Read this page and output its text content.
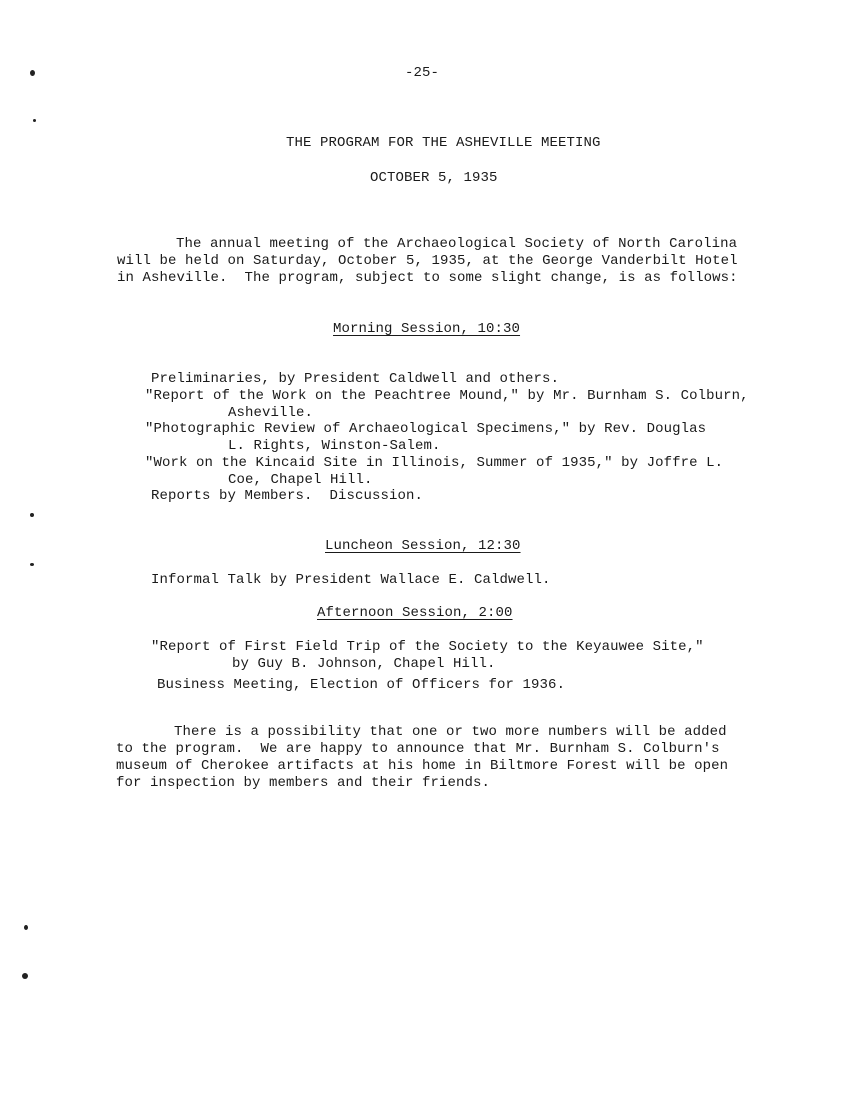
-25-
THE PROGRAM FOR THE ASHEVILLE MEETING
OCTOBER 5, 1935
The annual meeting of the Archaeological Society of North Carolina
will be held on Saturday, October 5, 1935, at the George Vanderbilt Hotel
in Asheville.  The program, subject to some slight change, is as follows:
Morning Session, 10:30
Preliminaries, by President Caldwell and others.
"Report of the Work on the Peachtree Mound," by Mr. Burnham S. Colburn,
Asheville.
"Photographic Review of Archaeological Specimens," by Rev. Douglas
L. Rights, Winston-Salem.
"Work on the Kincaid Site in Illinois, Summer of 1935," by Joffre L.
Coe, Chapel Hill.
Reports by Members.  Discussion.
Luncheon Session, 12:30
Informal Talk by President Wallace E. Caldwell.
Afternoon Session, 2:00
"Report of First Field Trip of the Society to the Keyauwee Site,"
by Guy B. Johnson, Chapel Hill.
Business Meeting, Election of Officers for 1936.
There is a possibility that one or two more numbers will be added
to the program.  We are happy to announce that Mr. Burnham S. Colburn's
museum of Cherokee artifacts at his home in Biltmore Forest will be open
for inspection by members and their friends.
